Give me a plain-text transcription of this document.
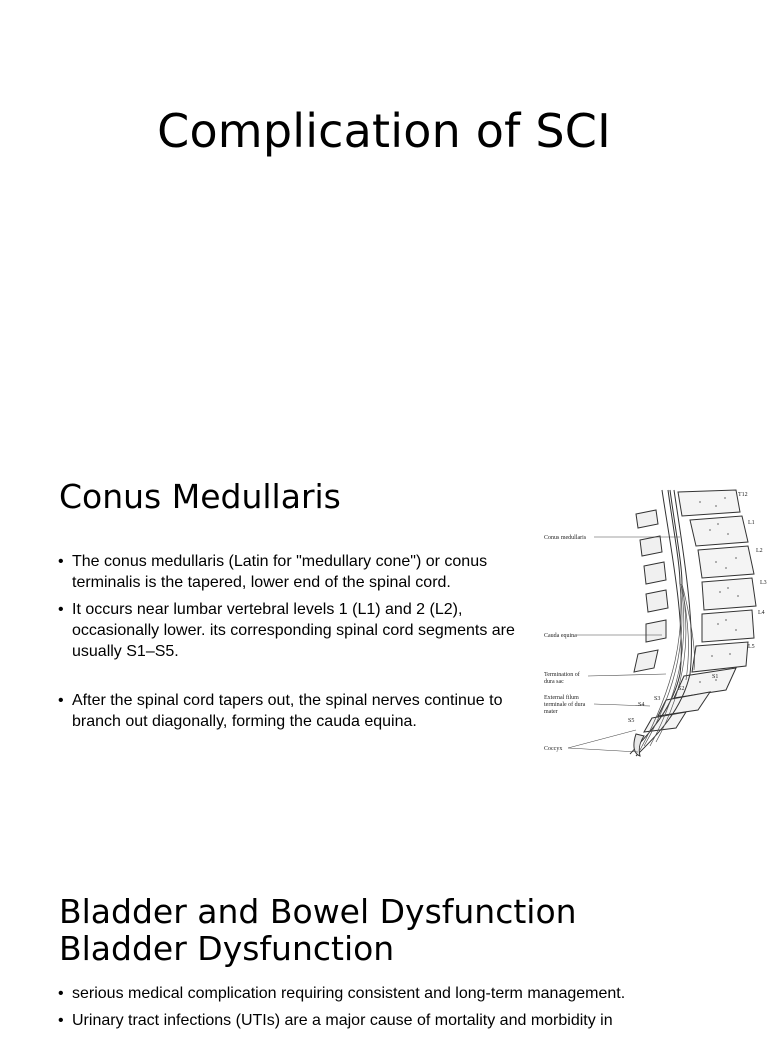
Complication of SCI
Conus Medullaris
• The conus medullaris (Latin for "medullary cone") or conus terminalis is the tapered, lower end of the spinal cord.
• It occurs near lumbar vertebral levels 1 (L1) and 2 (L2), occasionally lower. its corresponding spinal cord segments are usually S1–S5.
• After the spinal cord tapers out, the spinal nerves continue to branch out diagonally, forming the cauda equina.
T12
L1
L2
L3
L4
L5
S1
S2
S3
S4
S5
Conus medullaris
Cauda equina
Termination of
dura sac
External filum
terminale of dura
mater
Coccyx
Bladder and Bowel Dysfunction
Bladder Dysfunction
• serious medical complication requiring consistent and long-term management.
• Urinary tract infections (UTIs) are a major cause of mortality and morbidity in
